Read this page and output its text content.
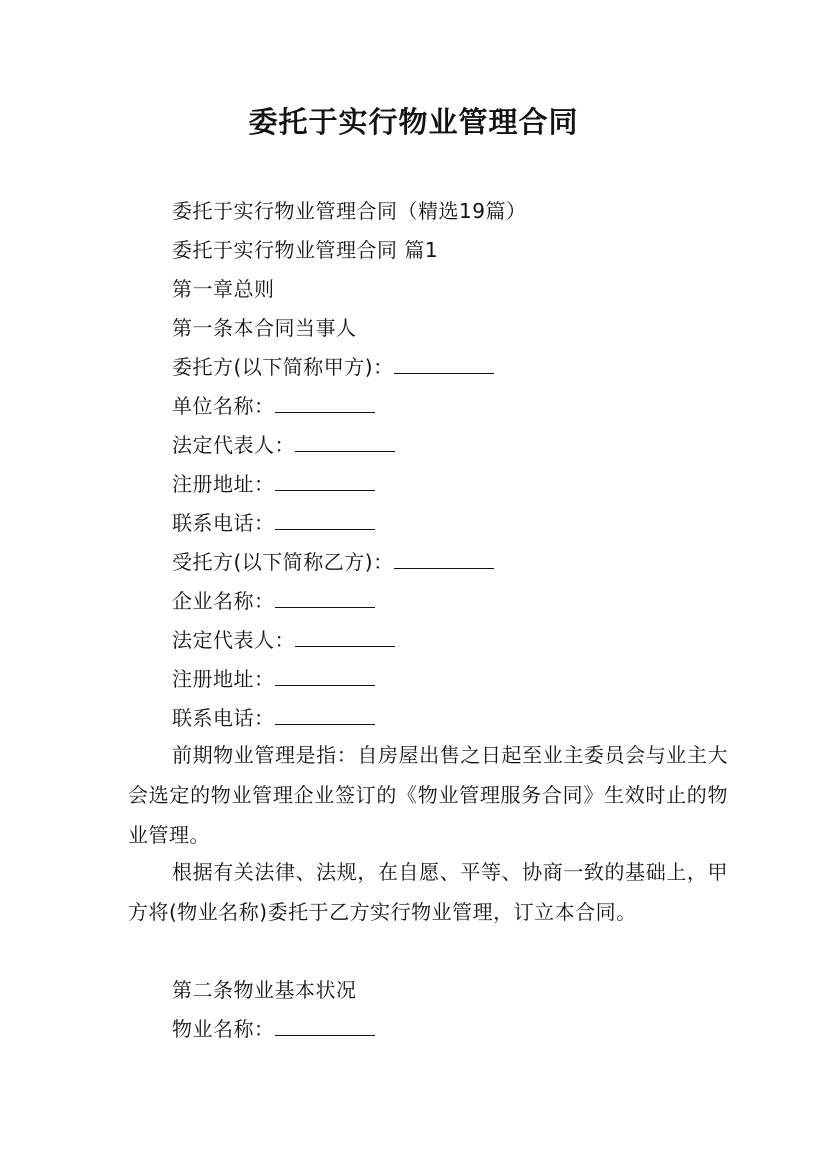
委托于实行物业管理合同
委托于实行物业管理合同（精选19篇）
委托于实行物业管理合同 篇1
第一章总则
第一条本合同当事人
委托方(以下简称甲方)：
单位名称：
法定代表人：
注册地址：
联系电话：
受托方(以下简称乙方)：
企业名称：
法定代表人：
注册地址：
联系电话：
前期物业管理是指：自房屋出售之日起至业主委员会与业主大会选定的物业管理企业签订的《物业管理服务合同》生效时止的物业管理。
根据有关法律、法规，在自愿、平等、协商一致的基础上，甲方将(物业名称)委托于乙方实行物业管理，订立本合同。
第二条物业基本状况
物业名称：
